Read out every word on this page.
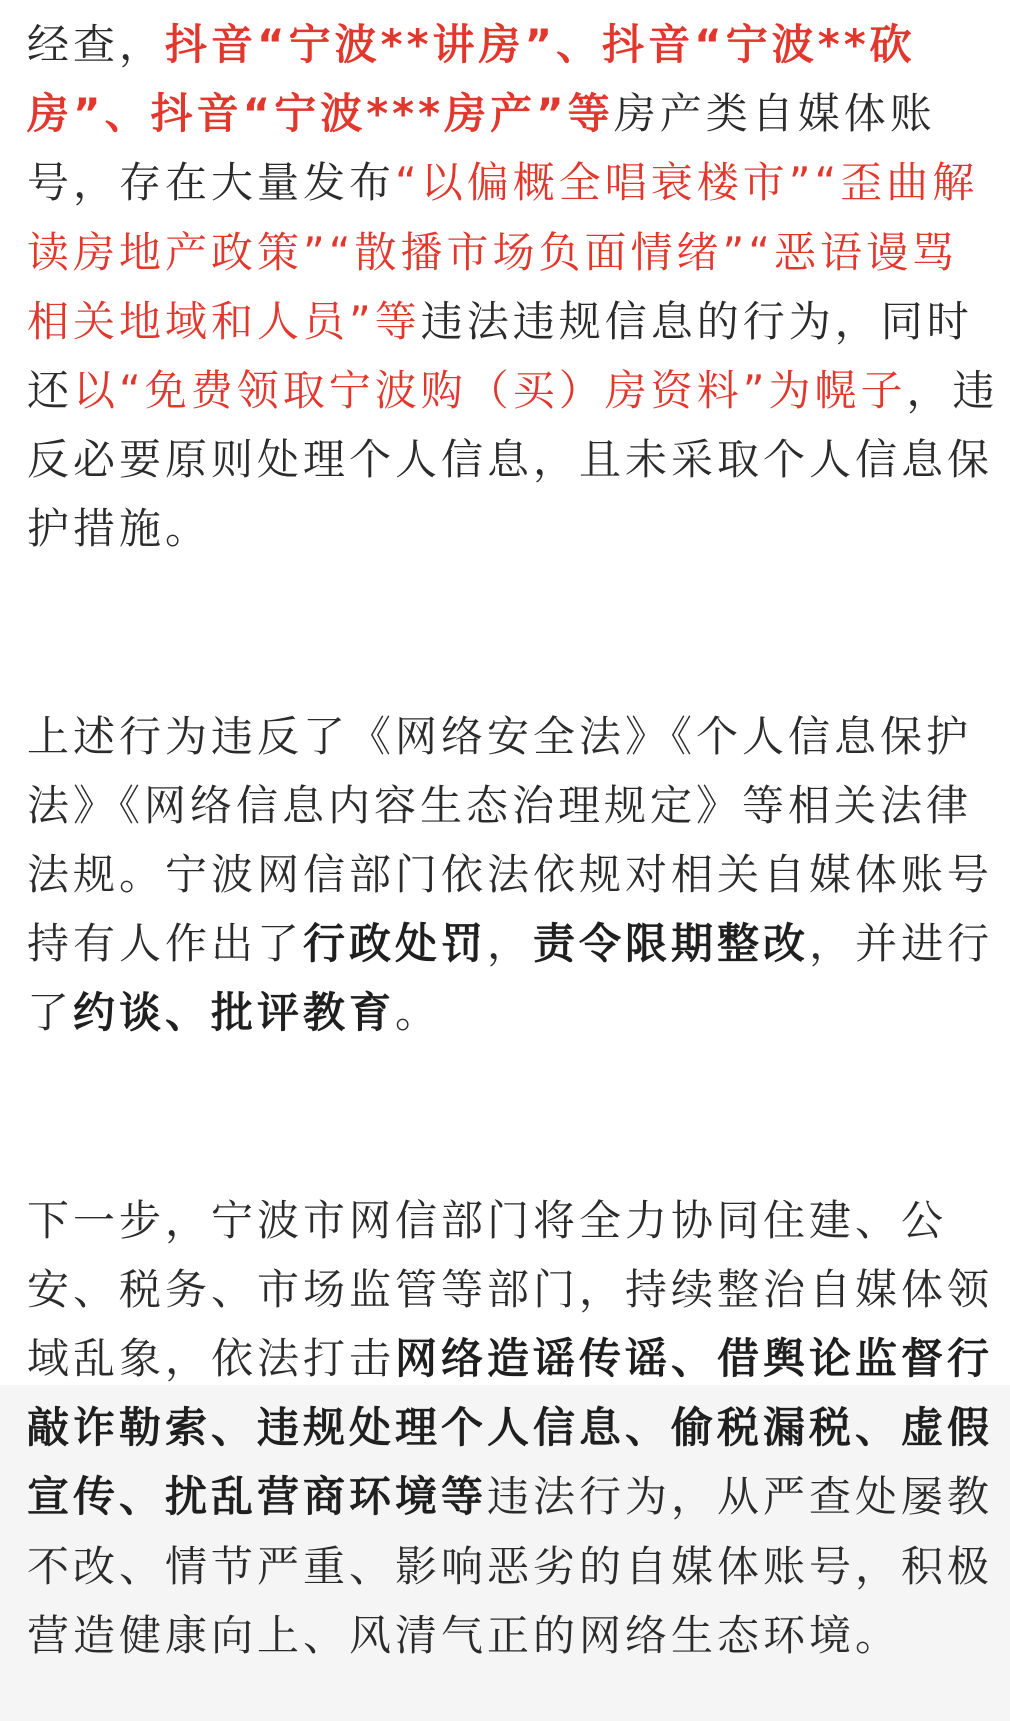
经查，抖音“宁波**讲房”、抖音“宁波**砍房”、抖音“宁波***房产”等房产类自媒体账号，存在大量发布“以偏概全唱衰楼市”“歪曲解读房地产政策”“散播市场负面情绪”“恶语谩骂相关地域和人员”等违法违规信息的行为，同时还以“免费领取宁波购（买）房资料”为幌子，违反必要原则处理个人信息，且未采取个人信息保护措施。

上述行为违反了《网络安全法》《个人信息保护法》《网络信息内容生态治理规定》等相关法律法规。宁波网信部门依法依规对相关自媒体账号持有人作出了行政处罚，责令限期整改，并进行了约谈、批评教育。

下一步，宁波市网信部门将全力协同住建、公安、税务、市场监管等部门，持续整治自媒体领域乱象，依法打击网络造谣传谣、借舆论监督行敲诈勒索、违规处理个人信息、偷税漏税、虚假宣传、扰乱营商环境等违法行为，从严查处屡教不改、情节严重、影响恶劣的自媒体账号，积极营造健康向上、风清气正的网络生态环境。
